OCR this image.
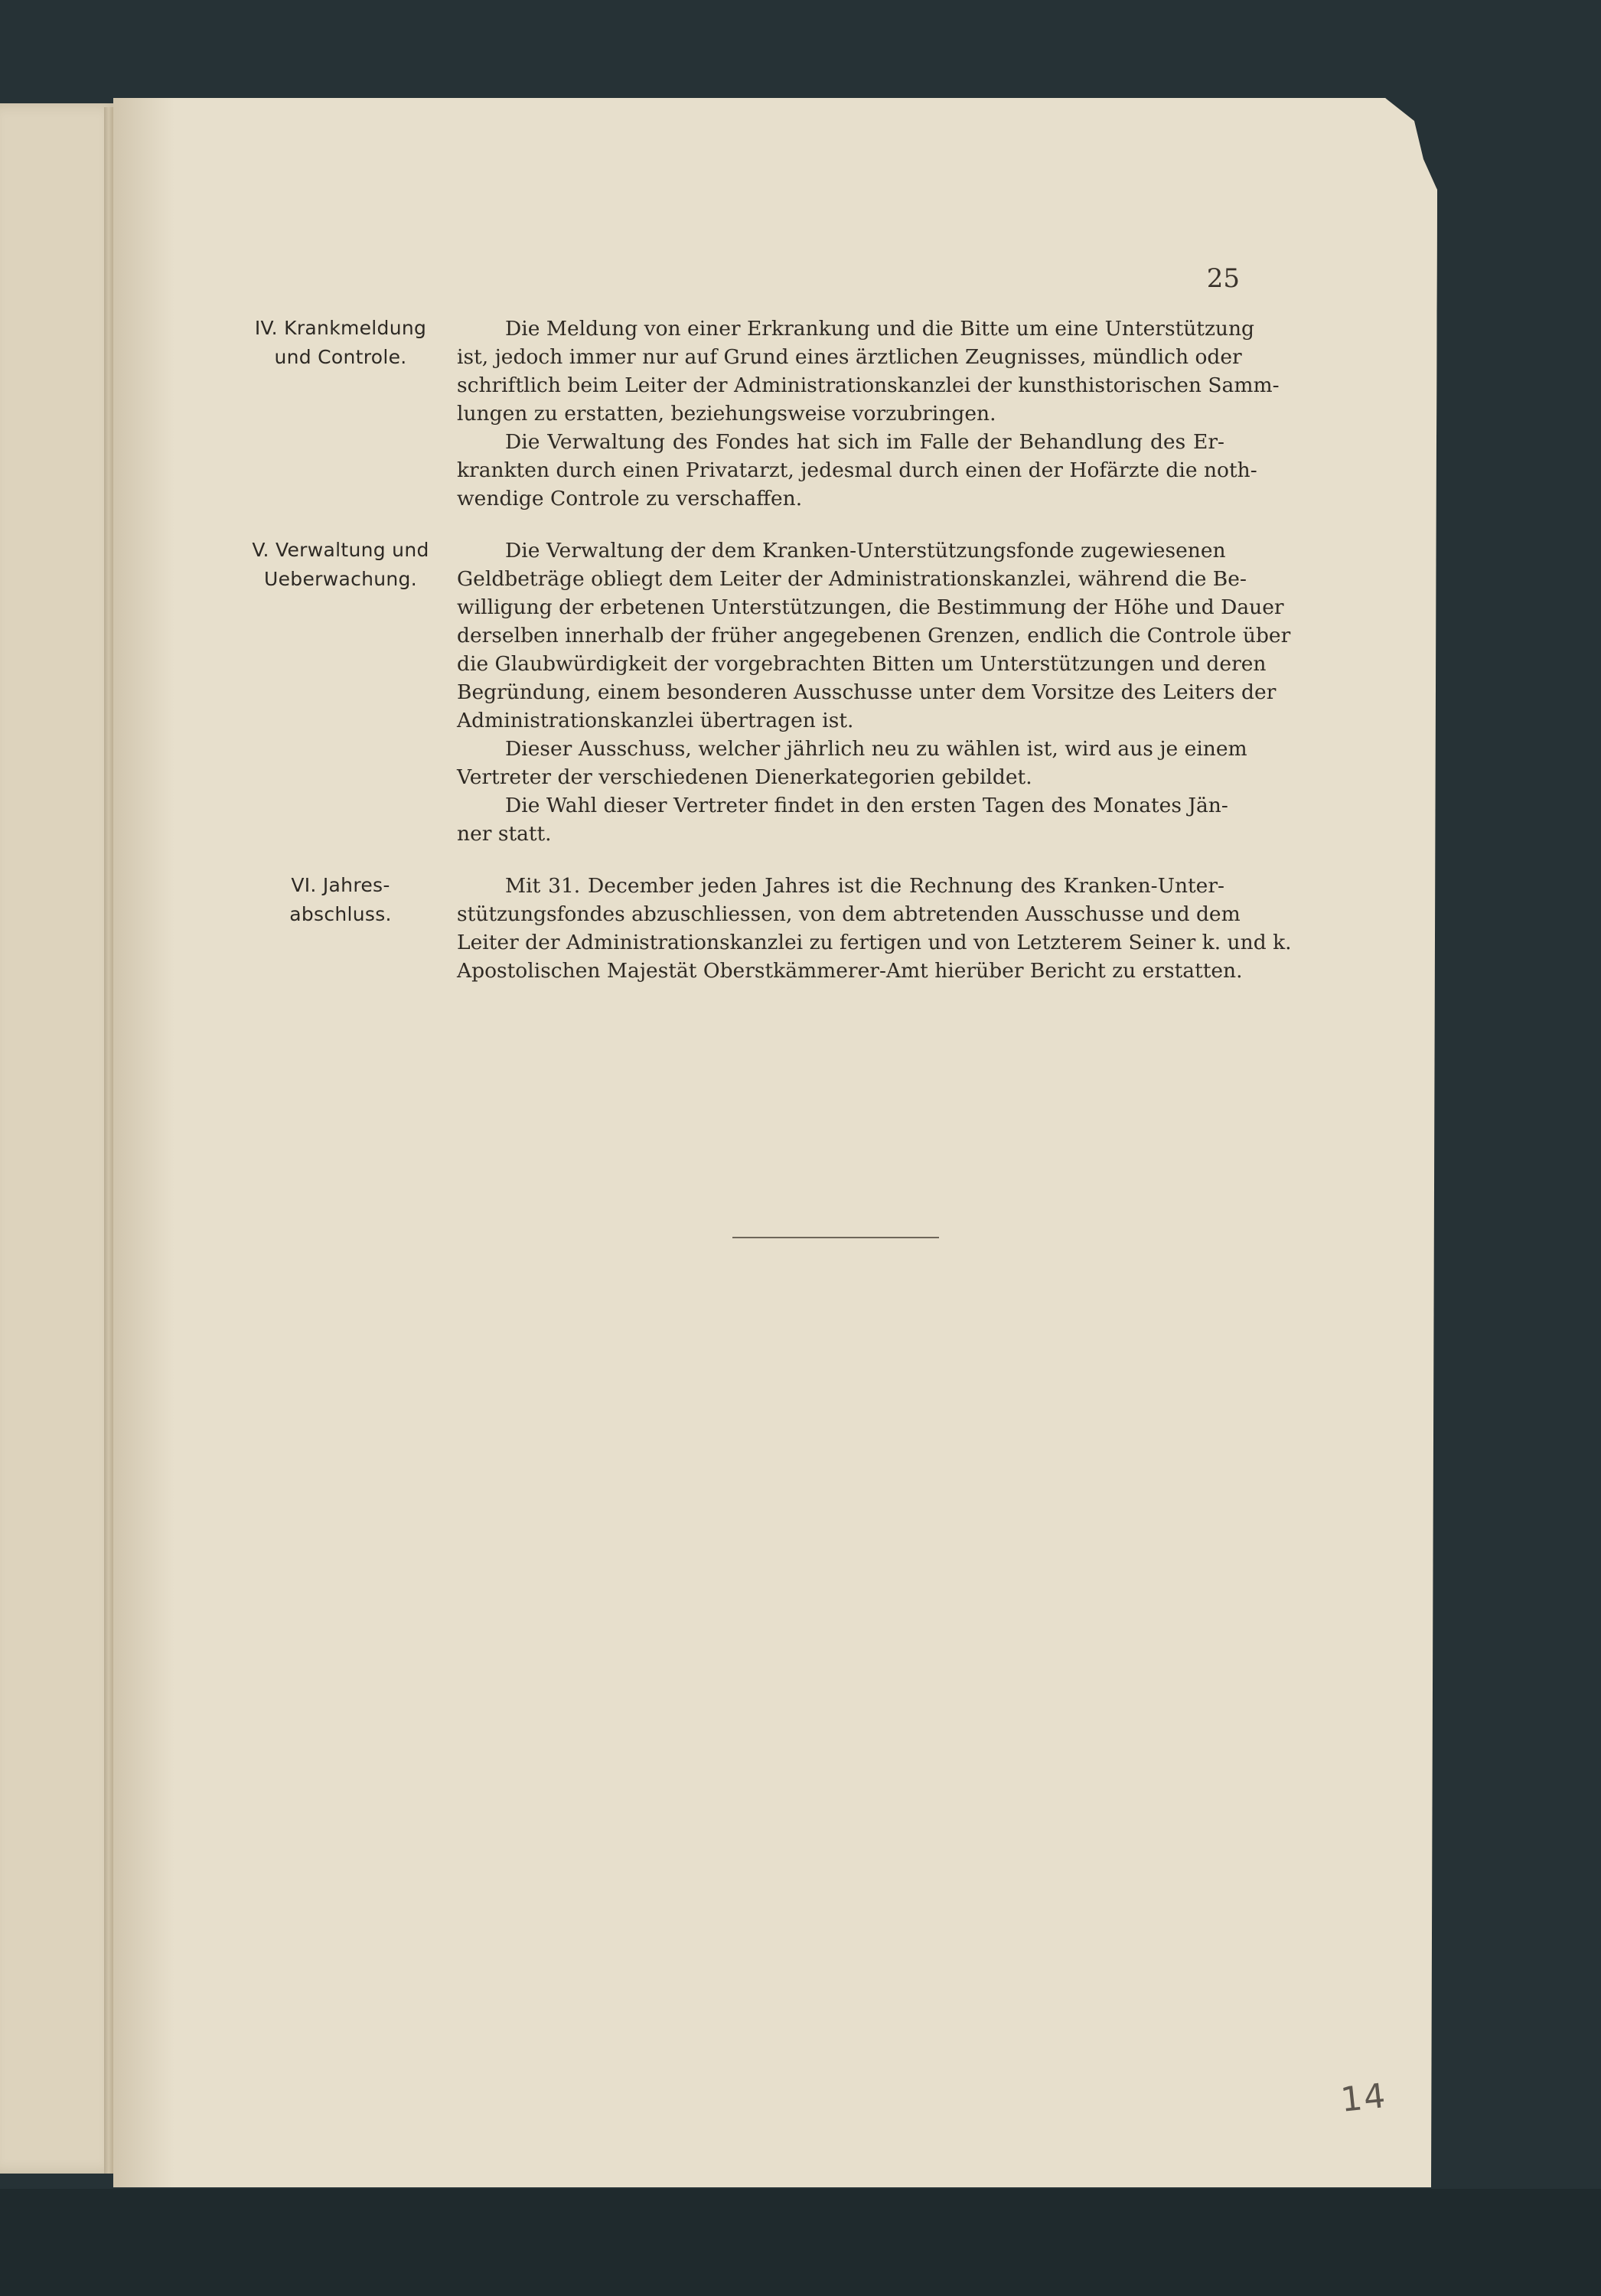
25
IV. Krankmeldung
und Controle.
Die Meldung von einer Erkrankung und die Bitte um eine Unterstützung
ist, jedoch immer nur auf Grund eines ärztlichen Zeugnisses, mündlich oder
schriftlich beim Leiter der Administrationskanzlei der kunsthistorischen Samm-
lungen zu erstatten, beziehungsweise vorzubringen.
Die Verwaltung des Fondes hat sich im Falle der Behandlung des Er-
krankten durch einen Privatarzt, jedesmal durch einen der Hofärzte die noth-
wendige Controle zu verschaffen.
V. Verwaltung und
Ueberwachung.
Die Verwaltung der dem Kranken-Unterstützungsfonde zugewiesenen
Geldbeträge obliegt dem Leiter der Administrationskanzlei, während die Be-
willigung der erbetenen Unterstützungen, die Bestimmung der Höhe und Dauer
derselben innerhalb der früher angegebenen Grenzen, endlich die Controle über
die Glaubwürdigkeit der vorgebrachten Bitten um Unterstützungen und deren
Begründung, einem besonderen Ausschusse unter dem Vorsitze des Leiters der
Administrationskanzlei übertragen ist.
Dieser Ausschuss, welcher jährlich neu zu wählen ist, wird aus je einem
Vertreter der verschiedenen Dienerkategorien gebildet.
Die Wahl dieser Vertreter findet in den ersten Tagen des Monates Jän-
ner statt.
VI. Jahres-
abschluss.
Mit 31. December jeden Jahres ist die Rechnung des Kranken-Unter-
stützungsfondes abzuschliessen, von dem abtretenden Ausschusse und dem
Leiter der Administrationskanzlei zu fertigen und von Letzterem Seiner k. und k.
Apostolischen Majestät Oberstkämmerer-Amt hierüber Bericht zu erstatten.
14
